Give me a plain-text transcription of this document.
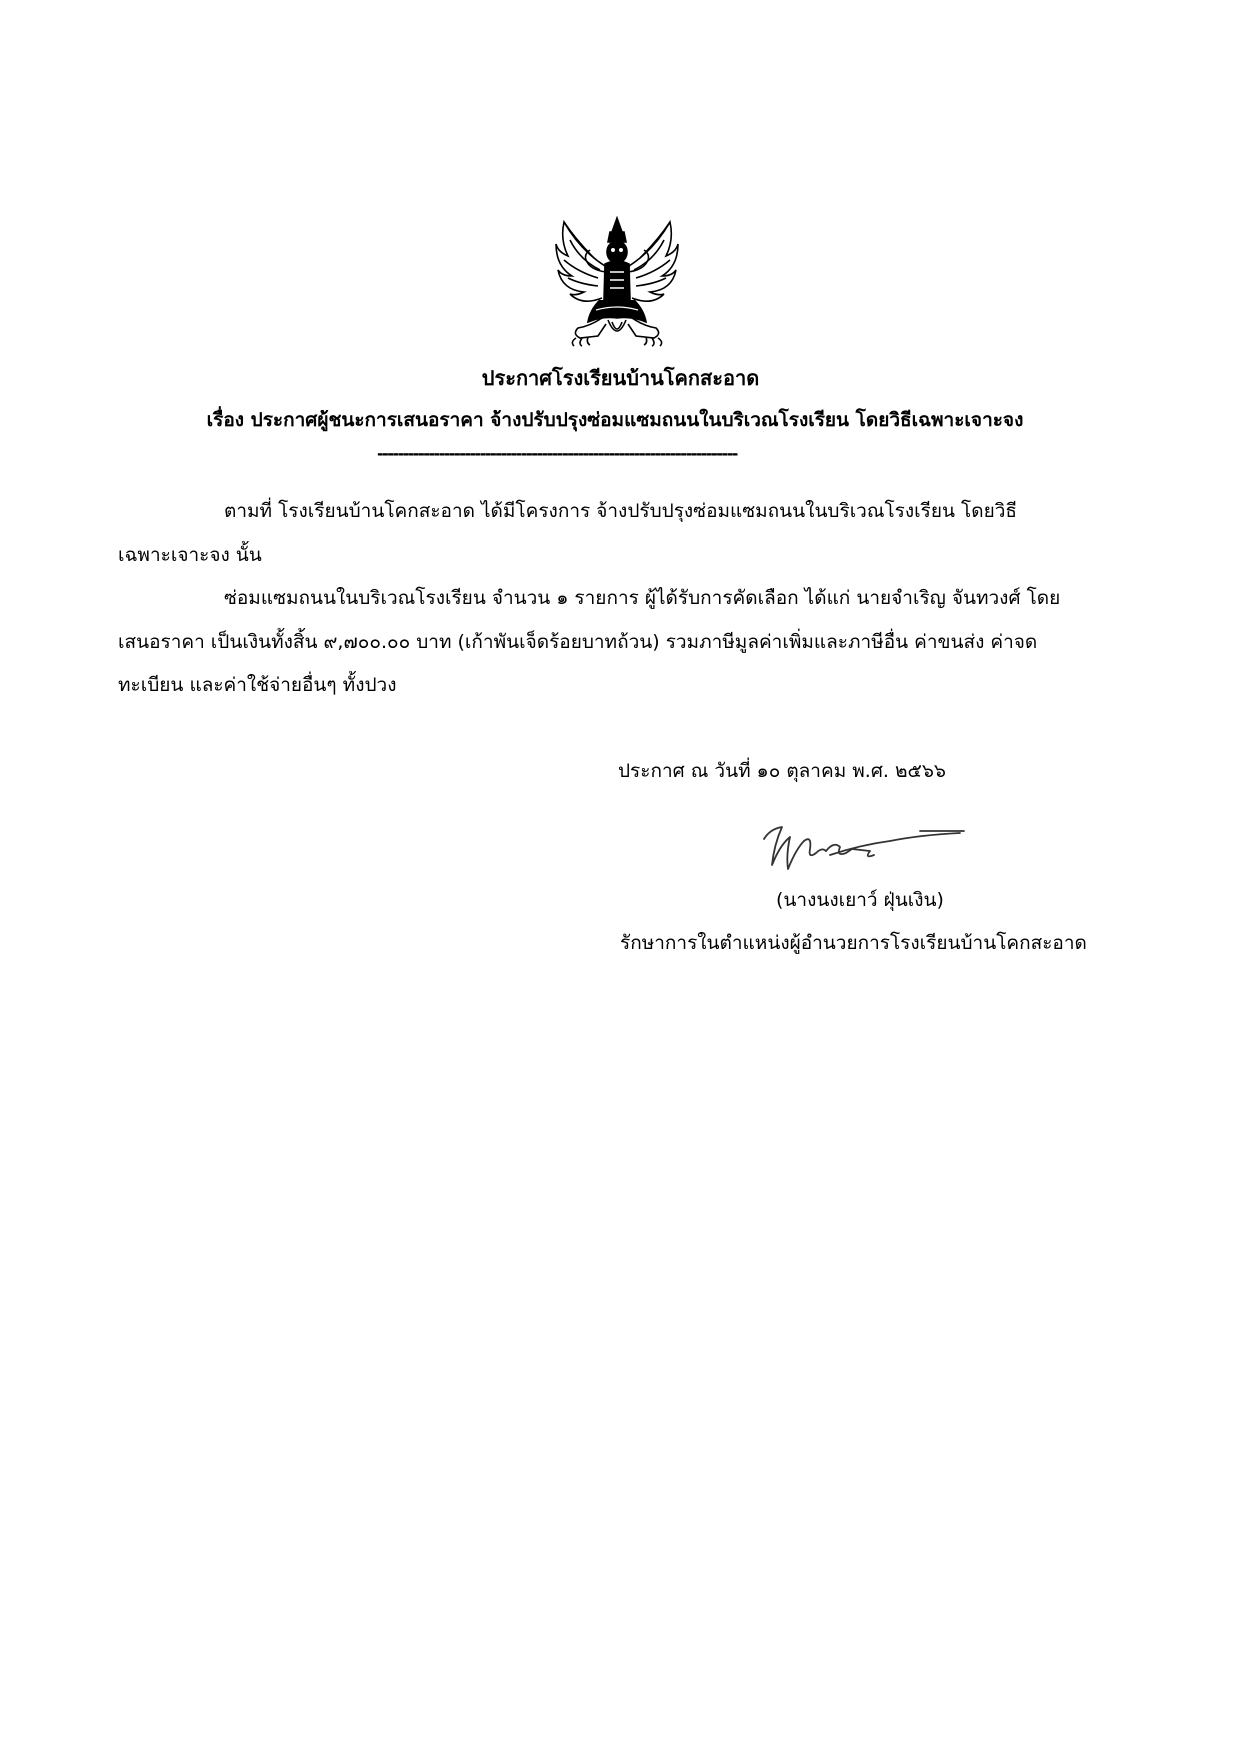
ประกาศโรงเรียนบ้านโคกสะอาด
เรื่อง ประกาศผู้ชนะการเสนอราคา จ้างปรับปรุงซ่อมแซมถนนในบริเวณโรงเรียน โดยวิธีเฉพาะเจาะจง
----------------------------------------------------------------------
ตามที่ โรงเรียนบ้านโคกสะอาด ได้มีโครงการ จ้างปรับปรุงซ่อมแซมถนนในบริเวณโรงเรียน โดยวิธี
เฉพาะเจาะจง นั้น
ซ่อมแซมถนนในบริเวณโรงเรียน จำนวน ๑ รายการ ผู้ได้รับการคัดเลือก ได้แก่ นายจำเริญ จันทวงศ์ โดย
เสนอราคา เป็นเงินทั้งสิ้น ๙,๗๐๐.๐๐ บาท (เก้าพันเจ็ดร้อยบาทถ้วน) รวมภาษีมูลค่าเพิ่มและภาษีอื่น ค่าขนส่ง ค่าจด
ทะเบียน และค่าใช้จ่ายอื่นๆ ทั้งปวง
ประกาศ ณ วันที่ ๑๐ ตุลาคม พ.ศ. ๒๕๖๖
(นางนงเยาว์ ฝุ่นเงิน)
รักษาการในตำแหน่งผู้อำนวยการโรงเรียนบ้านโคกสะอาด
